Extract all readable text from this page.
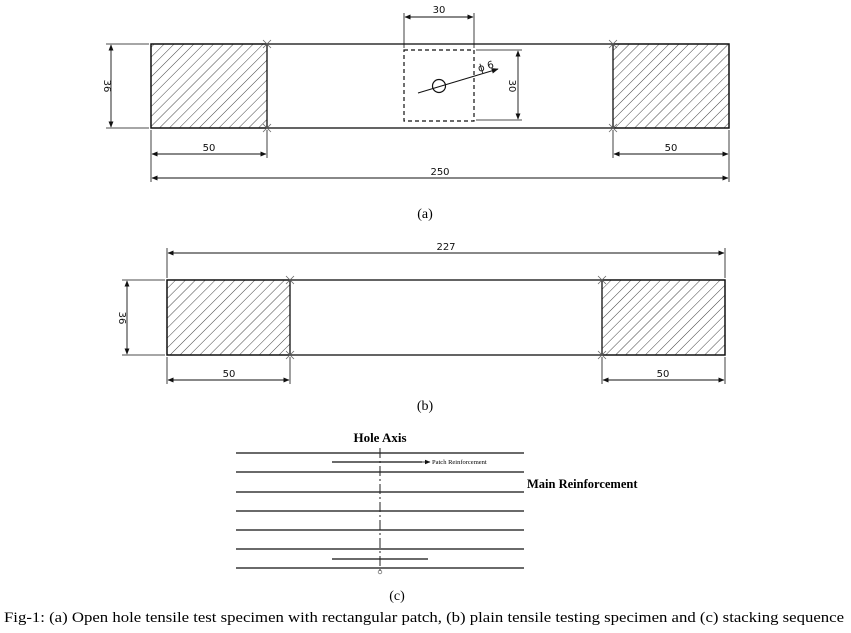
ϕ 6
30
30
36
50	50
250
(a)
227
36
50	50
(b)
Hole Axis
Patch Reinforcement
Main Reinforcement
(c)
Fig-1: (a) Open hole tensile test specimen with rectangular patch, (b) plain tensile testing specimen and (c) stacking sequence
